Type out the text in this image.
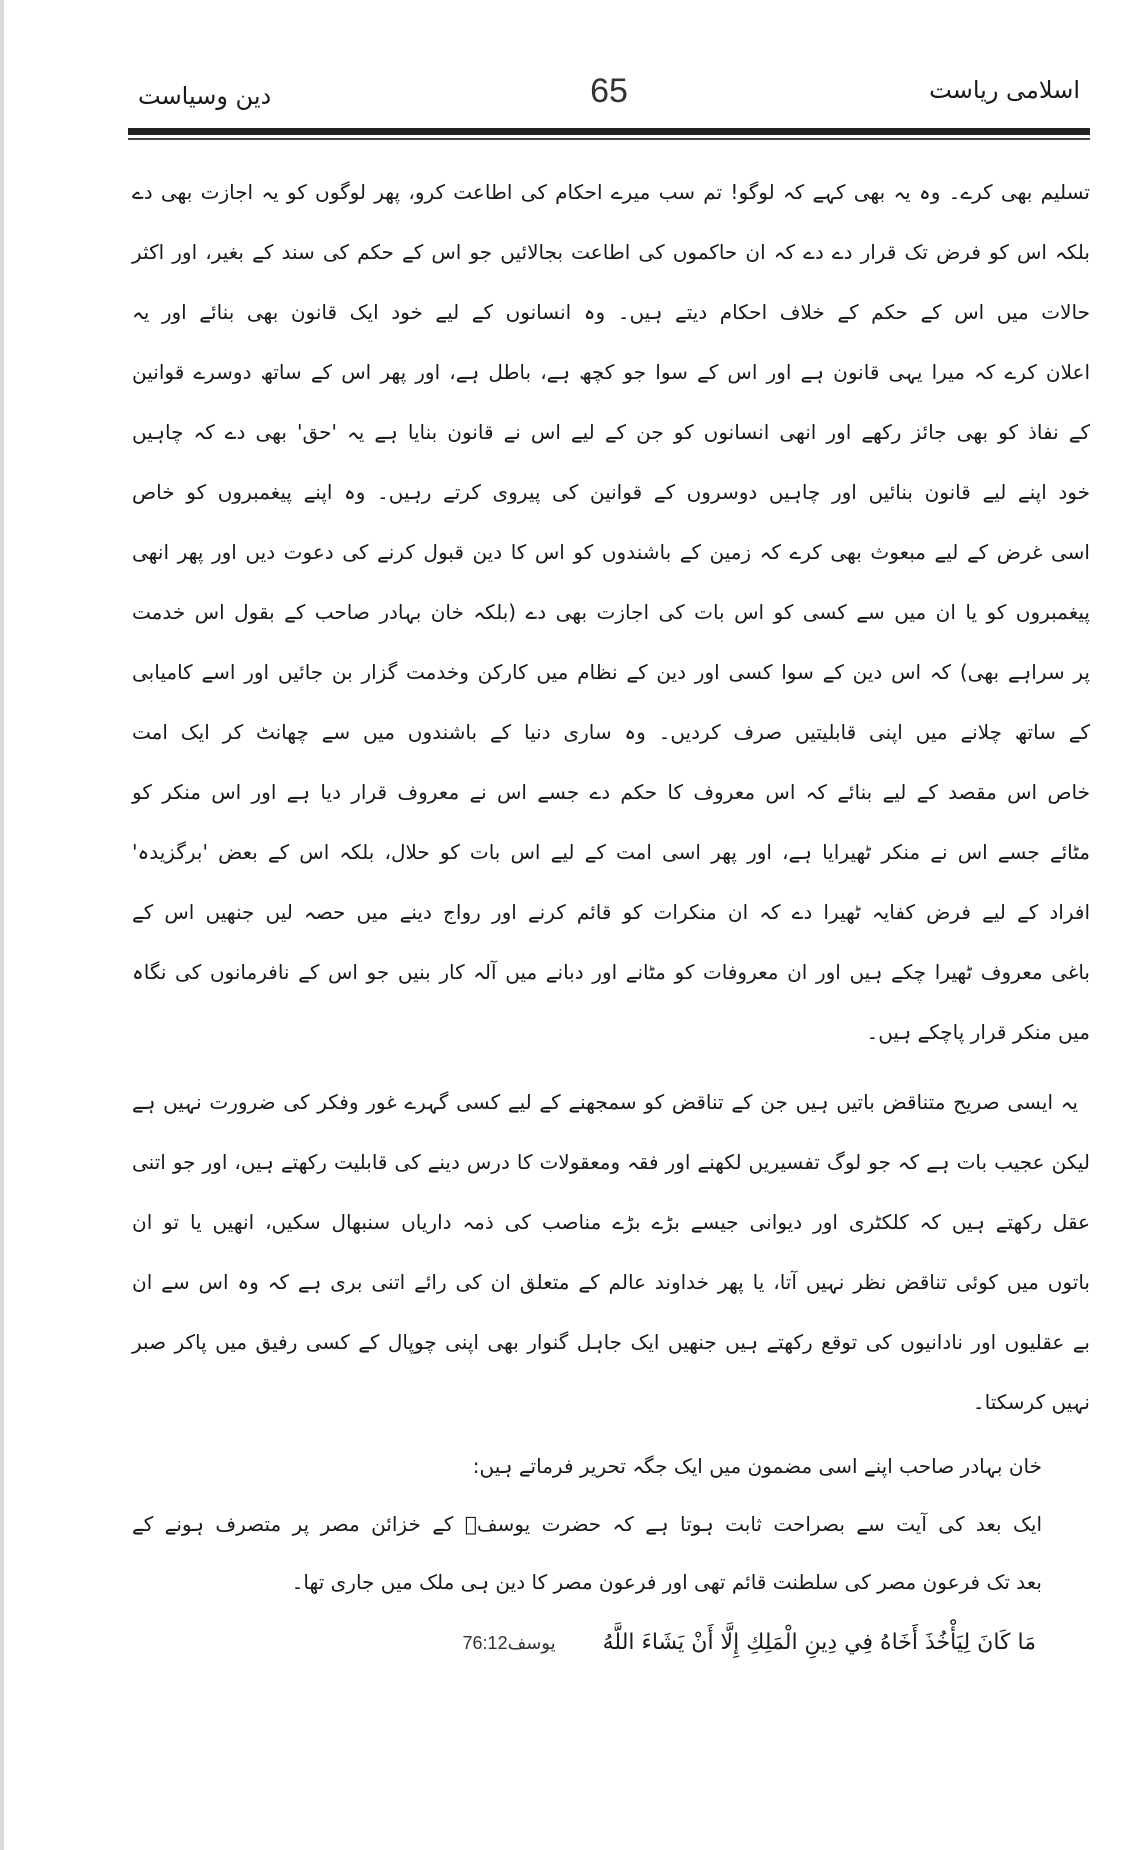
اسلامی ریاست
65
دین وسیاست
تسلیم بھی کرے۔ وہ یہ بھی کہے کہ لوگو! تم سب میرے احکام کی اطاعت کرو، پھر لوگوں کو یہ اجازت بھی دے
بلکہ اس کو فرض تک قرار دے دے کہ ان حاکموں کی اطاعت بجالائیں جو اس کے حکم کی سند کے بغیر، اور اکثر
حالات میں اس کے حکم کے خلاف احکام دیتے ہیں۔ وہ انسانوں کے لیے خود ایک قانون بھی بنائے اور یہ
اعلان کرے کہ میرا یہی قانون ہے اور اس کے سوا جو کچھ ہے، باطل ہے، اور پھر اس کے ساتھ دوسرے قوانین
کے نفاذ کو بھی جائز رکھے اور انھی انسانوں کو جن کے لیے اس نے قانون بنایا ہے یہ 'حق' بھی دے کہ چاہیں
خود اپنے لیے قانون بنائیں اور چاہیں دوسروں کے قوانین کی پیروی کرتے رہیں۔ وہ اپنے پیغمبروں کو خاص
اسی غرض کے لیے مبعوث بھی کرے کہ زمین کے باشندوں کو اس کا دین قبول کرنے کی دعوت دیں اور پھر انھی
پیغمبروں کو یا ان میں سے کسی کو اس بات کی اجازت بھی دے (بلکہ خان بہادر صاحب کے بقول اس خدمت
پر سراہے بھی) کہ اس دین کے سوا کسی اور دین کے نظام میں کارکن وخدمت گزار بن جائیں اور اسے کامیابی
کے ساتھ چلانے میں اپنی قابلیتیں صرف کردیں۔ وہ ساری دنیا کے باشندوں میں سے چھانٹ کر ایک امت
خاص اس مقصد کے لیے بنائے کہ اس معروف کا حکم دے جسے اس نے معروف قرار دیا ہے اور اس منکر کو
مٹائے جسے اس نے منکر ٹھیرایا ہے، اور پھر اسی امت کے لیے اس بات کو حلال، بلکہ اس کے بعض 'برگزیدہ'
افراد کے لیے فرض کفایہ ٹھیرا دے کہ ان منکرات کو قائم کرنے اور رواج دینے میں حصہ لیں جنھیں اس کے
باغی معروف ٹھیرا چکے ہیں اور ان معروفات کو مٹانے اور دبانے میں آلہ کار بنیں جو اس کے نافرمانوں کی نگاہ
میں منکر قرار پاچکے ہیں۔
یہ ایسی صریح متناقض باتیں ہیں جن کے تناقض کو سمجھنے کے لیے کسی گہرے غور وفکر کی ضرورت نہیں ہے
لیکن عجیب بات ہے کہ جو لوگ تفسیریں لکھنے اور فقہ ومعقولات کا درس دینے کی قابلیت رکھتے ہیں، اور جو اتنی
عقل رکھتے ہیں کہ کلکٹری اور دیوانی جیسے بڑے بڑے مناصب کی ذمہ داریاں سنبھال سکیں، انھیں یا تو ان
باتوں میں کوئی تناقض نظر نہیں آتا، یا پھر خداوند عالم کے متعلق ان کی رائے اتنی بری ہے کہ وہ اس سے ان
بے عقلیوں اور نادانیوں کی توقع رکھتے ہیں جنھیں ایک جاہل گنوار بھی اپنی چوپال کے کسی رفیق میں پاکر صبر
نہیں کرسکتا۔
خان بہادر صاحب اپنے اسی مضمون میں ایک جگہ تحریر فرماتے ہیں:
ایک بعد کی آیت سے بصراحت ثابت ہوتا ہے کہ حضرت یوسفؑ کے خزائن مصر پر متصرف ہونے کے
بعد تک فرعون مصر کی سلطنت قائم تھی اور فرعون مصر کا دین ہی ملک میں جاری تھا۔
مَا كَانَ لِيَأْخُذَ أَخَاهُ فِي دِينِ الْمَلِكِ إِلَّا أَنْ يَشَاءَ اللَّهُ یوسف76:12
